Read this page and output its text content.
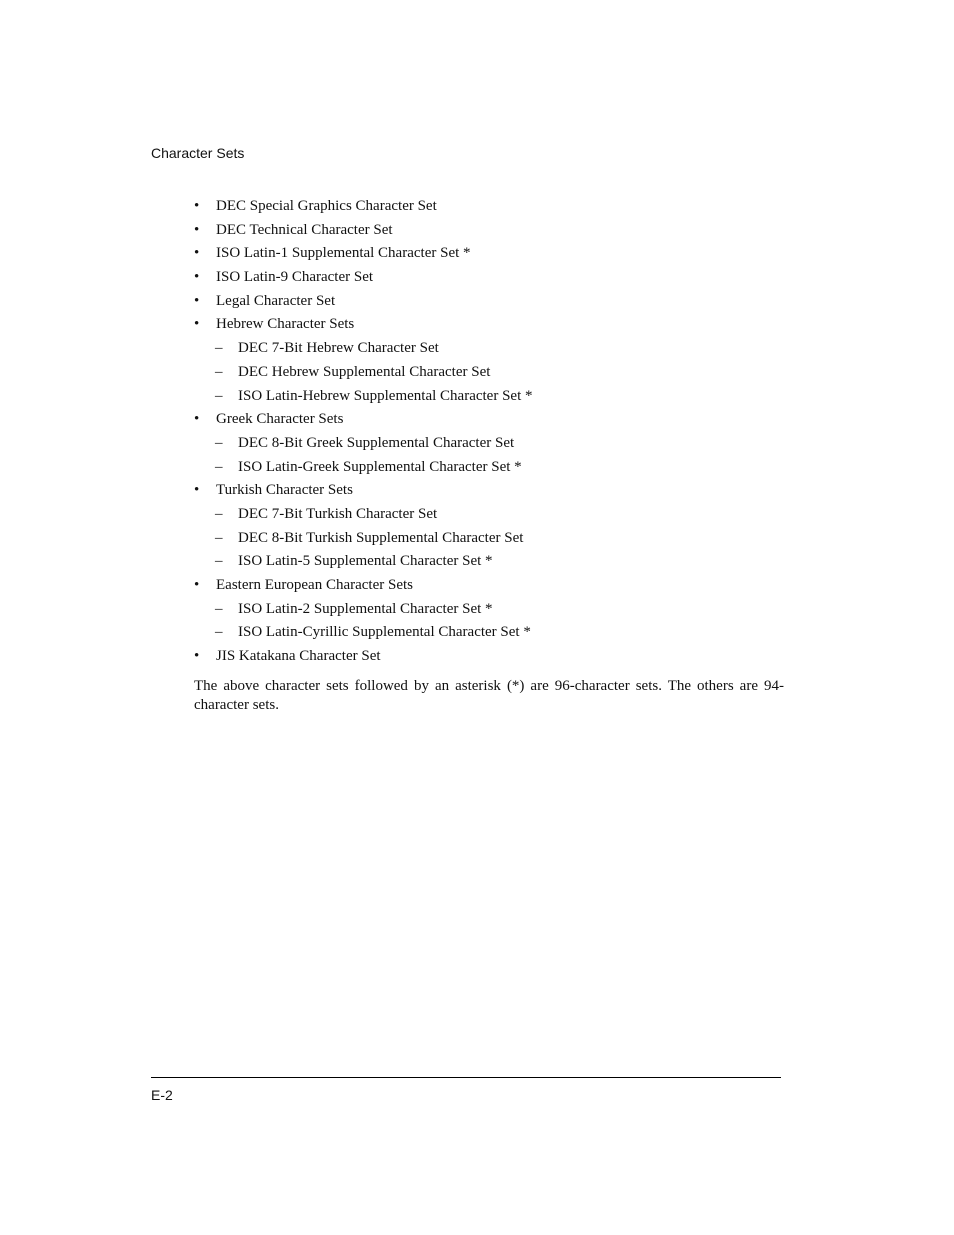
Character Sets
• DEC Special Graphics Character Set
• DEC Technical Character Set
• ISO Latin-1 Supplemental Character Set *
• ISO Latin-9 Character Set
• Legal Character Set
• Hebrew Character Sets
– DEC 7-Bit Hebrew Character Set
– DEC Hebrew Supplemental Character Set
– ISO Latin-Hebrew Supplemental Character Set *
• Greek Character Sets
– DEC 8-Bit Greek Supplemental Character Set
– ISO Latin-Greek Supplemental Character Set *
• Turkish Character Sets
– DEC 7-Bit Turkish Character Set
– DEC 8-Bit Turkish Supplemental Character Set
– ISO Latin-5 Supplemental Character Set *
• Eastern European Character Sets
– ISO Latin-2 Supplemental Character Set *
– ISO Latin-Cyrillic Supplemental Character Set *
• JIS Katakana Character Set
The above character sets followed by an asterisk (*) are 96-character sets. The others are 94-character sets.
E-2
